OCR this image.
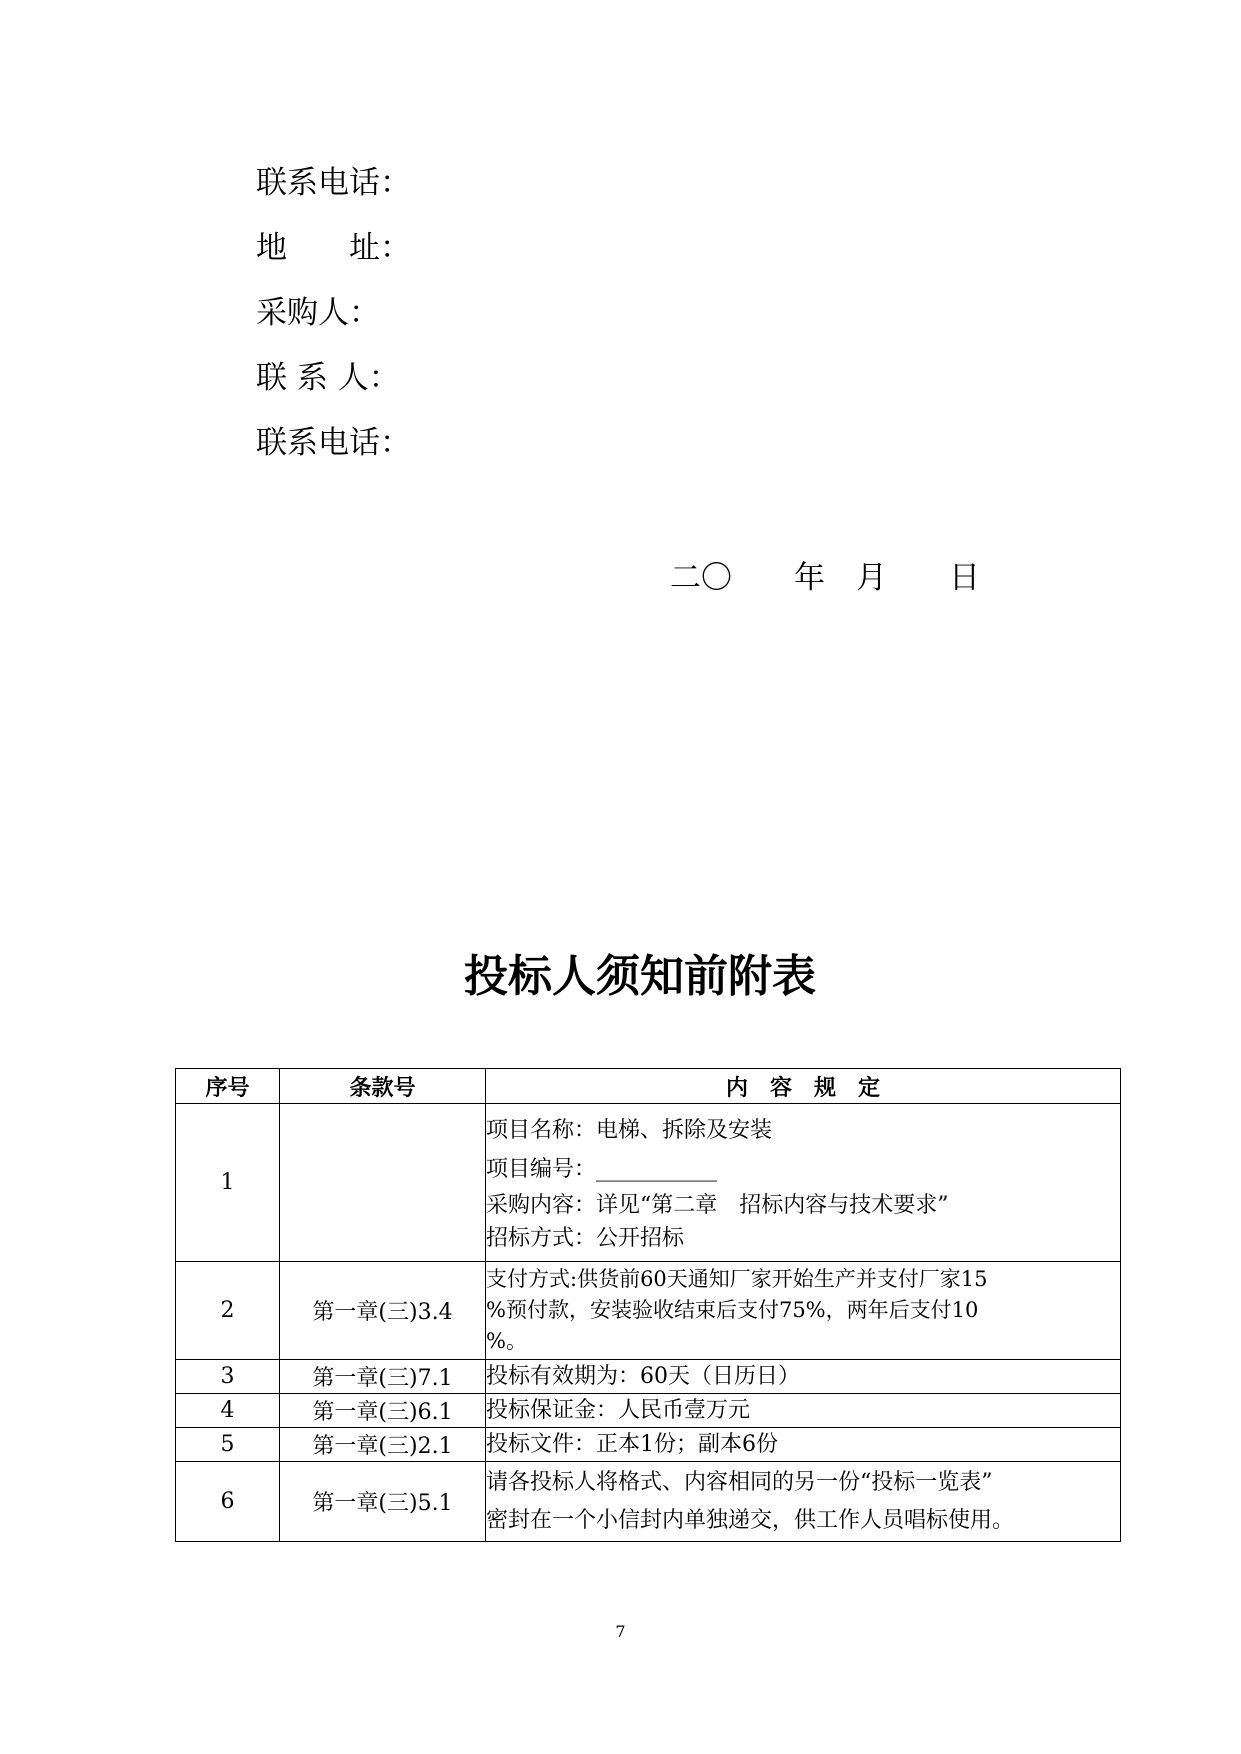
联系电话：
地　　址：
采购人：
联 系 人：
联系电话：
二〇　　年　月　　日
投标人须知前附表
序号	条款号	内　容　规　定
1		项目名称：电梯、拆除及安装
项目编号：___________
采购内容：详见“第二章　招标内容与技术要求”
招标方式：公开招标

2	第一章(三)3.4	支付方式:供货前60天通知厂家开始生产并支付厂家15
%预付款，安装验收结束后支付75%，两年后支付10
%。

3	第一章(三)7.1	投标有效期为：60天（日历日）

4	第一章(三)6.1	投标保证金：人民币壹万元

5	第一章(三)2.1	投标文件：正本1份；副本6份

6	第一章(三)5.1	请各投标人将格式、内容相同的另一份“投标一览表”
密封在一个小信封内单独递交，供工作人员唱标使用。
7
